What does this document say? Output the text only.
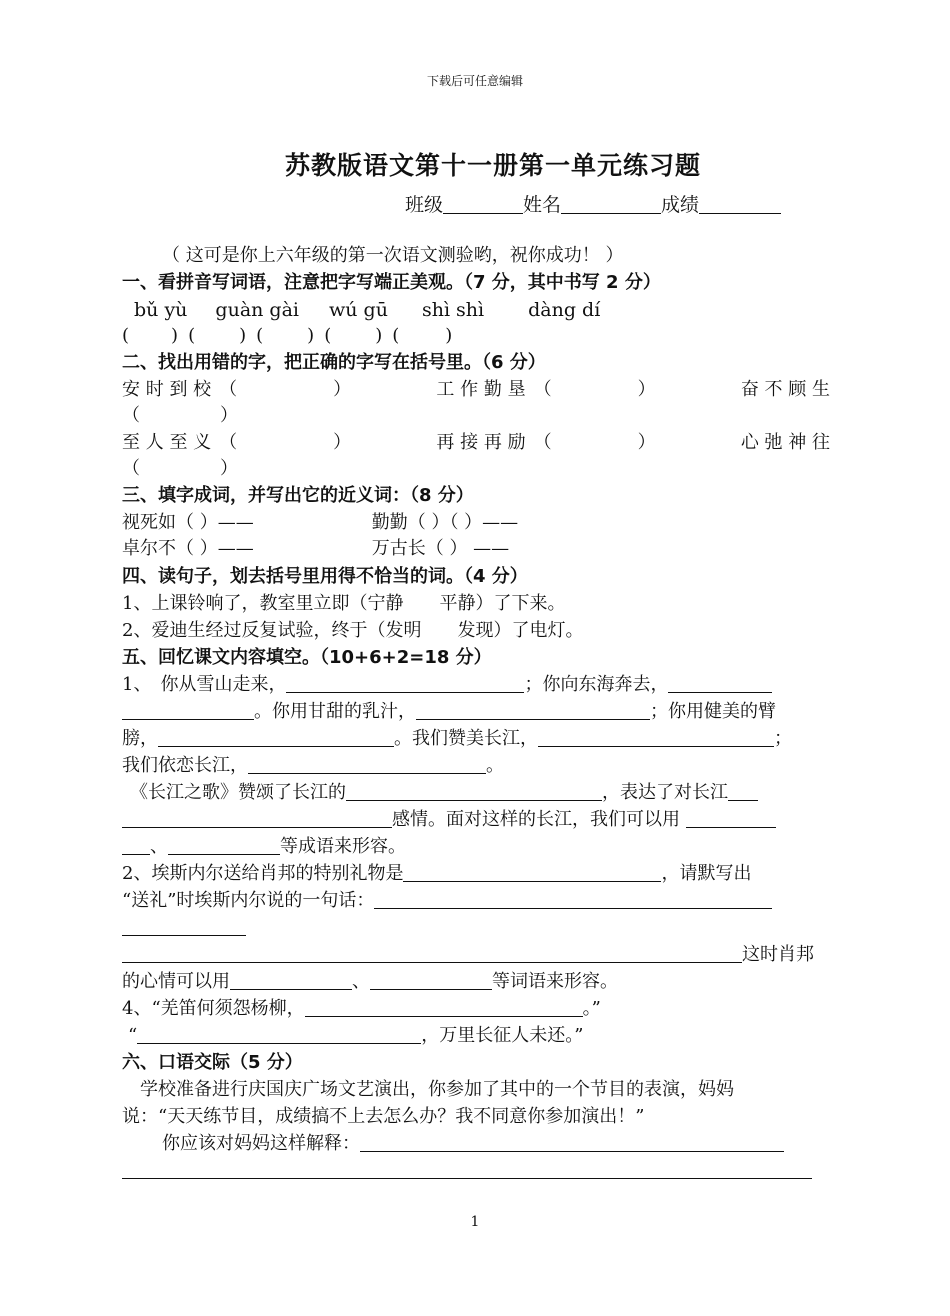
下载后可任意编辑
苏教版语文第十一册第一单元练习题
班级	姓名	成绩
（ 这可是你上六年级的第一次语文测验哟，祝你成功！ ）
一、看拼音写词语，注意把字写端正美观。（7 分，其中书写 2 分）
bǔ yù guàn gài wú gū shì shì dàng dí
( ) ( ) ( ) ( ) (	)
二、找出用错的字，把正确的字写在括号里。（6 分）
安 时 到 校 （	）	工 作 勤 垦 （	）	奋 不 顾 生
（	）
至 人 至 义 （	）	再 接 再 励 （	）	心 弛 神 往
（	）
三、填字成词，并写出它的近义词：（8 分）
视死如（ ）——	勤勤（ ）（ ）——
卓尔不（ ）——	万古长（ ） ——
四、读句子，划去括号里用得不恰当的词。（4 分）
1、上课铃响了，教室里立即（宁静　　平静）了下来。
2、爱迪生经过反复试验，终于（发明　　发现）了电灯。
五、回忆课文内容填空。（10+6+2=18 分）
1、　你从雪山走来，	；你向东海奔去，
。你用甘甜的乳汁，	；你用健美的臂
膀，	。我们赞美长江，	；
我们依恋长江，	。
《长江之歌》赞颂了长江的	，表达了对长江
感情。面对这样的长江，我们可以用
、	等成语来形容。
2、埃斯内尔送给肖邦的特别礼物是	，请默写出
“送礼”时埃斯内尔说的一句话：
这时肖邦
的心情可以用	、	等词语来形容。
4、“羌笛何须怨杨柳，	。”
“	，万里长征人未还。”
六、口语交际（5 分）
学校准备进行庆国庆广场文艺演出，你参加了其中的一个节目的表演，妈妈
说：“天天练节目，成绩搞不上去怎么办？我不同意你参加演出！”
你应该对妈妈这样解释：
1
